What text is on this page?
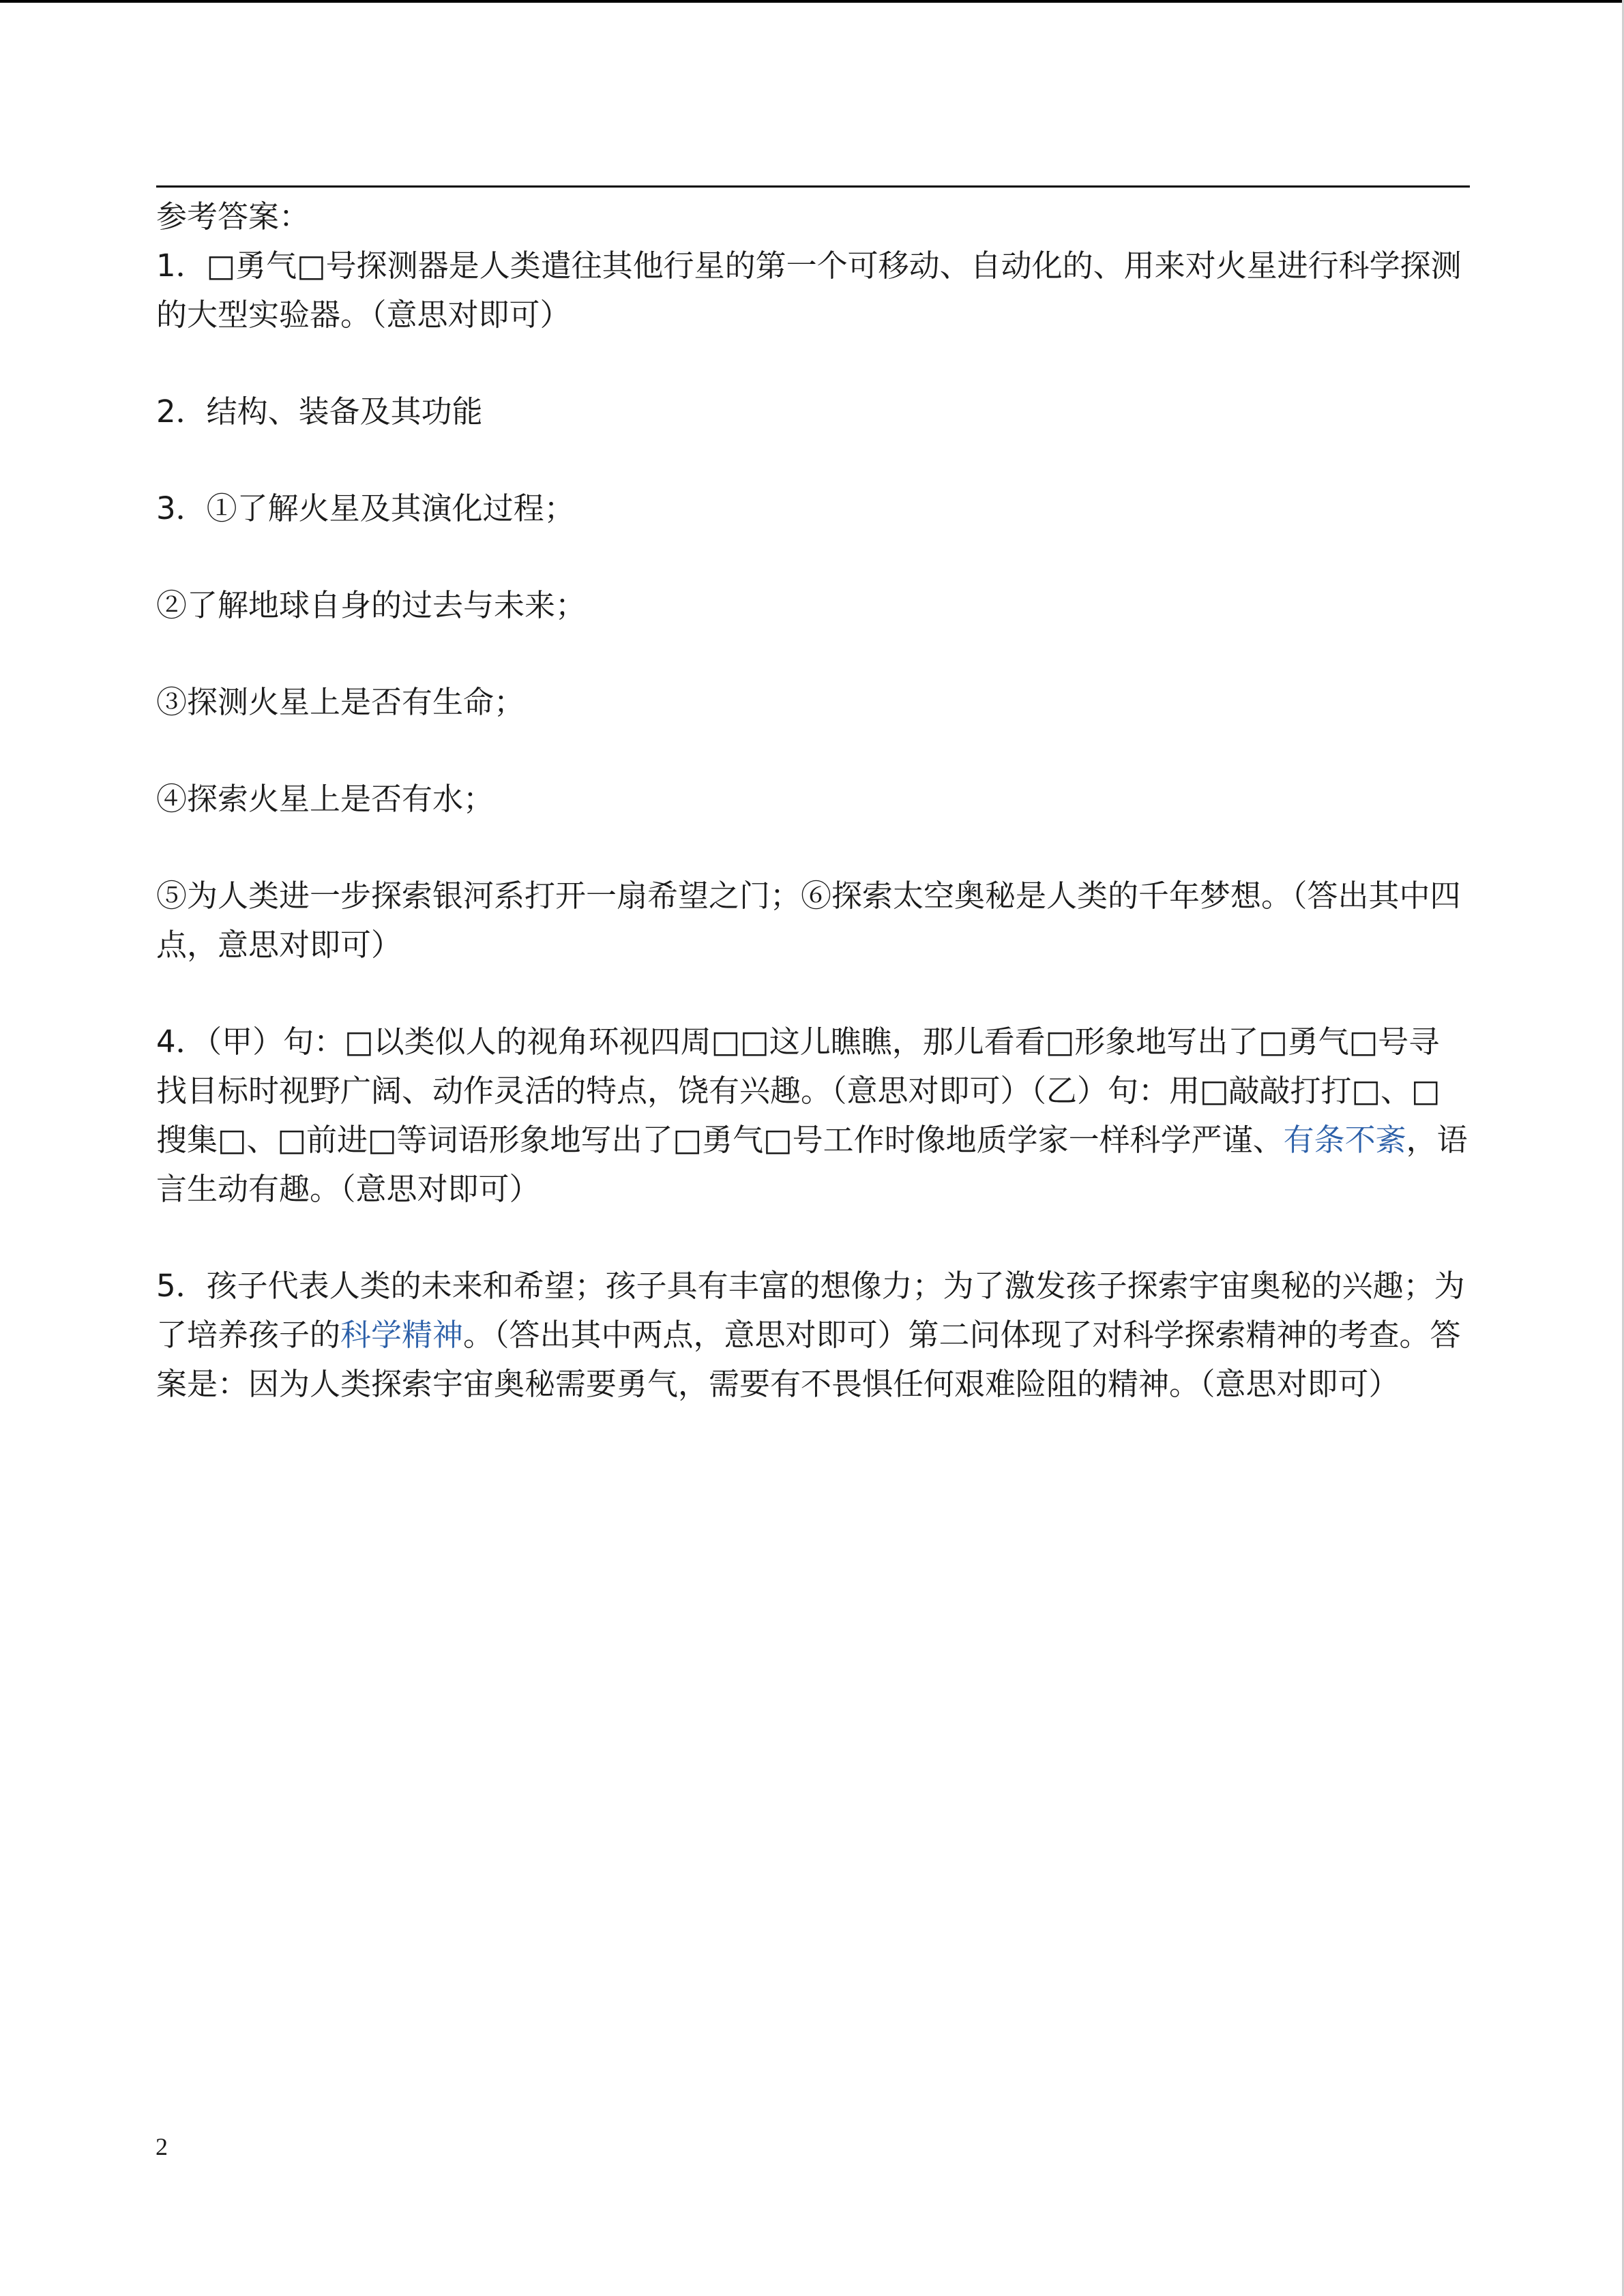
参考答案：

1．□勇气□号探测器是人类遣往其他行星的第一个可移动、自动化的、用来对火星进行科学探测的大型实验器。（意思对即可）

2．结构、装备及其功能

3．①了解火星及其演化过程；

②了解地球自身的过去与未来；

③探测火星上是否有生命；

④探索火星上是否有水；

⑤为人类进一步探索银河系打开一扇希望之门；⑥探索太空奥秘是人类的千年梦想。（答出其中四点，意思对即可）

4．（甲）句：□以类似人的视角环视四周□□这儿瞧瞧，那儿看看□形象地写出了□勇气□号寻找目标时视野广阔、动作灵活的特点，饶有兴趣。（意思对即可）（乙）句：用□敲敲打打□、□搜集□、□前进□等词语形象地写出了□勇气□号工作时像地质学家一样科学严谨、有条不紊，语言生动有趣。（意思对即可）

5．孩子代表人类的未来和希望；孩子具有丰富的想像力；为了激发孩子探索宇宙奥秘的兴趣；为了培养孩子的科学精神。（答出其中两点，意思对即可）第二问体现了对科学探索精神的考查。答案是：因为人类探索宇宙奥秘需要勇气，需要有不畏惧任何艰难险阻的精神。（意思对即可）

2
